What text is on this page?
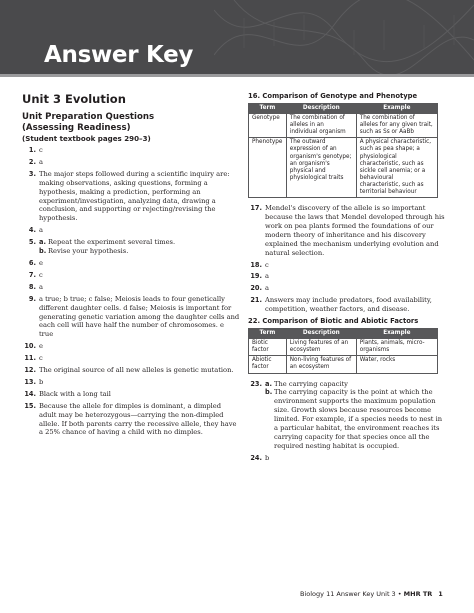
Answer Key
Unit 3 Evolution
Unit Preparation Questions
(Assessing Readiness)
(Student textbook pages 290–3)
1. c
2. a
3. The major steps followed during a scientific inquiry are: making observations, asking questions, forming a hypothesis, making a prediction, performing an experiment/investigation, analyzing data, drawing a conclusion, and supporting or rejecting/revising the hypothesis.
4. a
5. a. Repeat the experiment several times.
b. Revise your hypothesis.
6. e
7. c
8. a
9. a true; b true; c false; Meiosis leads to four genetically different daughter cells. d false; Meiosis is important for generating genetic variation among the daughter cells and each cell will have half the number of chromosomes. e true
10. e
11. c
12. The original source of all new alleles is genetic mutation.
13. b
14. Black with a long tail
15. Because the allele for dimples is dominant, a dimpled adult may be heterozygous—carrying the non-dimpled allele. If both parents carry the recessive allele, they have a 25% chance of having a child with no dimples.
16. Comparison of Genotype and Phenotype
Term	Description	Example
Genotype	The combination of alleles in an individual organism	The combination of alleles for any given trait, such as Ss or AaBb
Phenotype	The outward expression of an organism's genotype; an organism's physical and physiological traits	A physical characteristic, such as pea shape; a physiological characteristic, such as sickle cell anemia; or a behavioural characteristic, such as territorial behaviour
17. Mendel's discovery of the allele is so important because the laws that Mendel developed through his work on pea plants formed the foundations of our modern theory of inheritance and his discovery explained the mechanism underlying evolution and natural selection.
18. c
19. a
20. a
21. Answers may include predators, food availability, competition, weather factors, and disease.
22. Comparison of Biotic and Abiotic Factors
Term	Description	Example
Biotic factor	Living features of an ecosystem	Plants, animals, micro-organisms
Abiotic factor	Non-living features of an ecosystem	Water, rocks
23. a. The carrying capacity
b. The carrying capacity is the point at which the environment supports the maximum population size. Growth slows because resources become limited. For example, if a species needs to nest in a particular habitat, the environment reaches its carrying capacity for that species once all the required nesting habitat is occupied.
24. b
Biology 11 Answer Key Unit 3 • MHR TR 1
